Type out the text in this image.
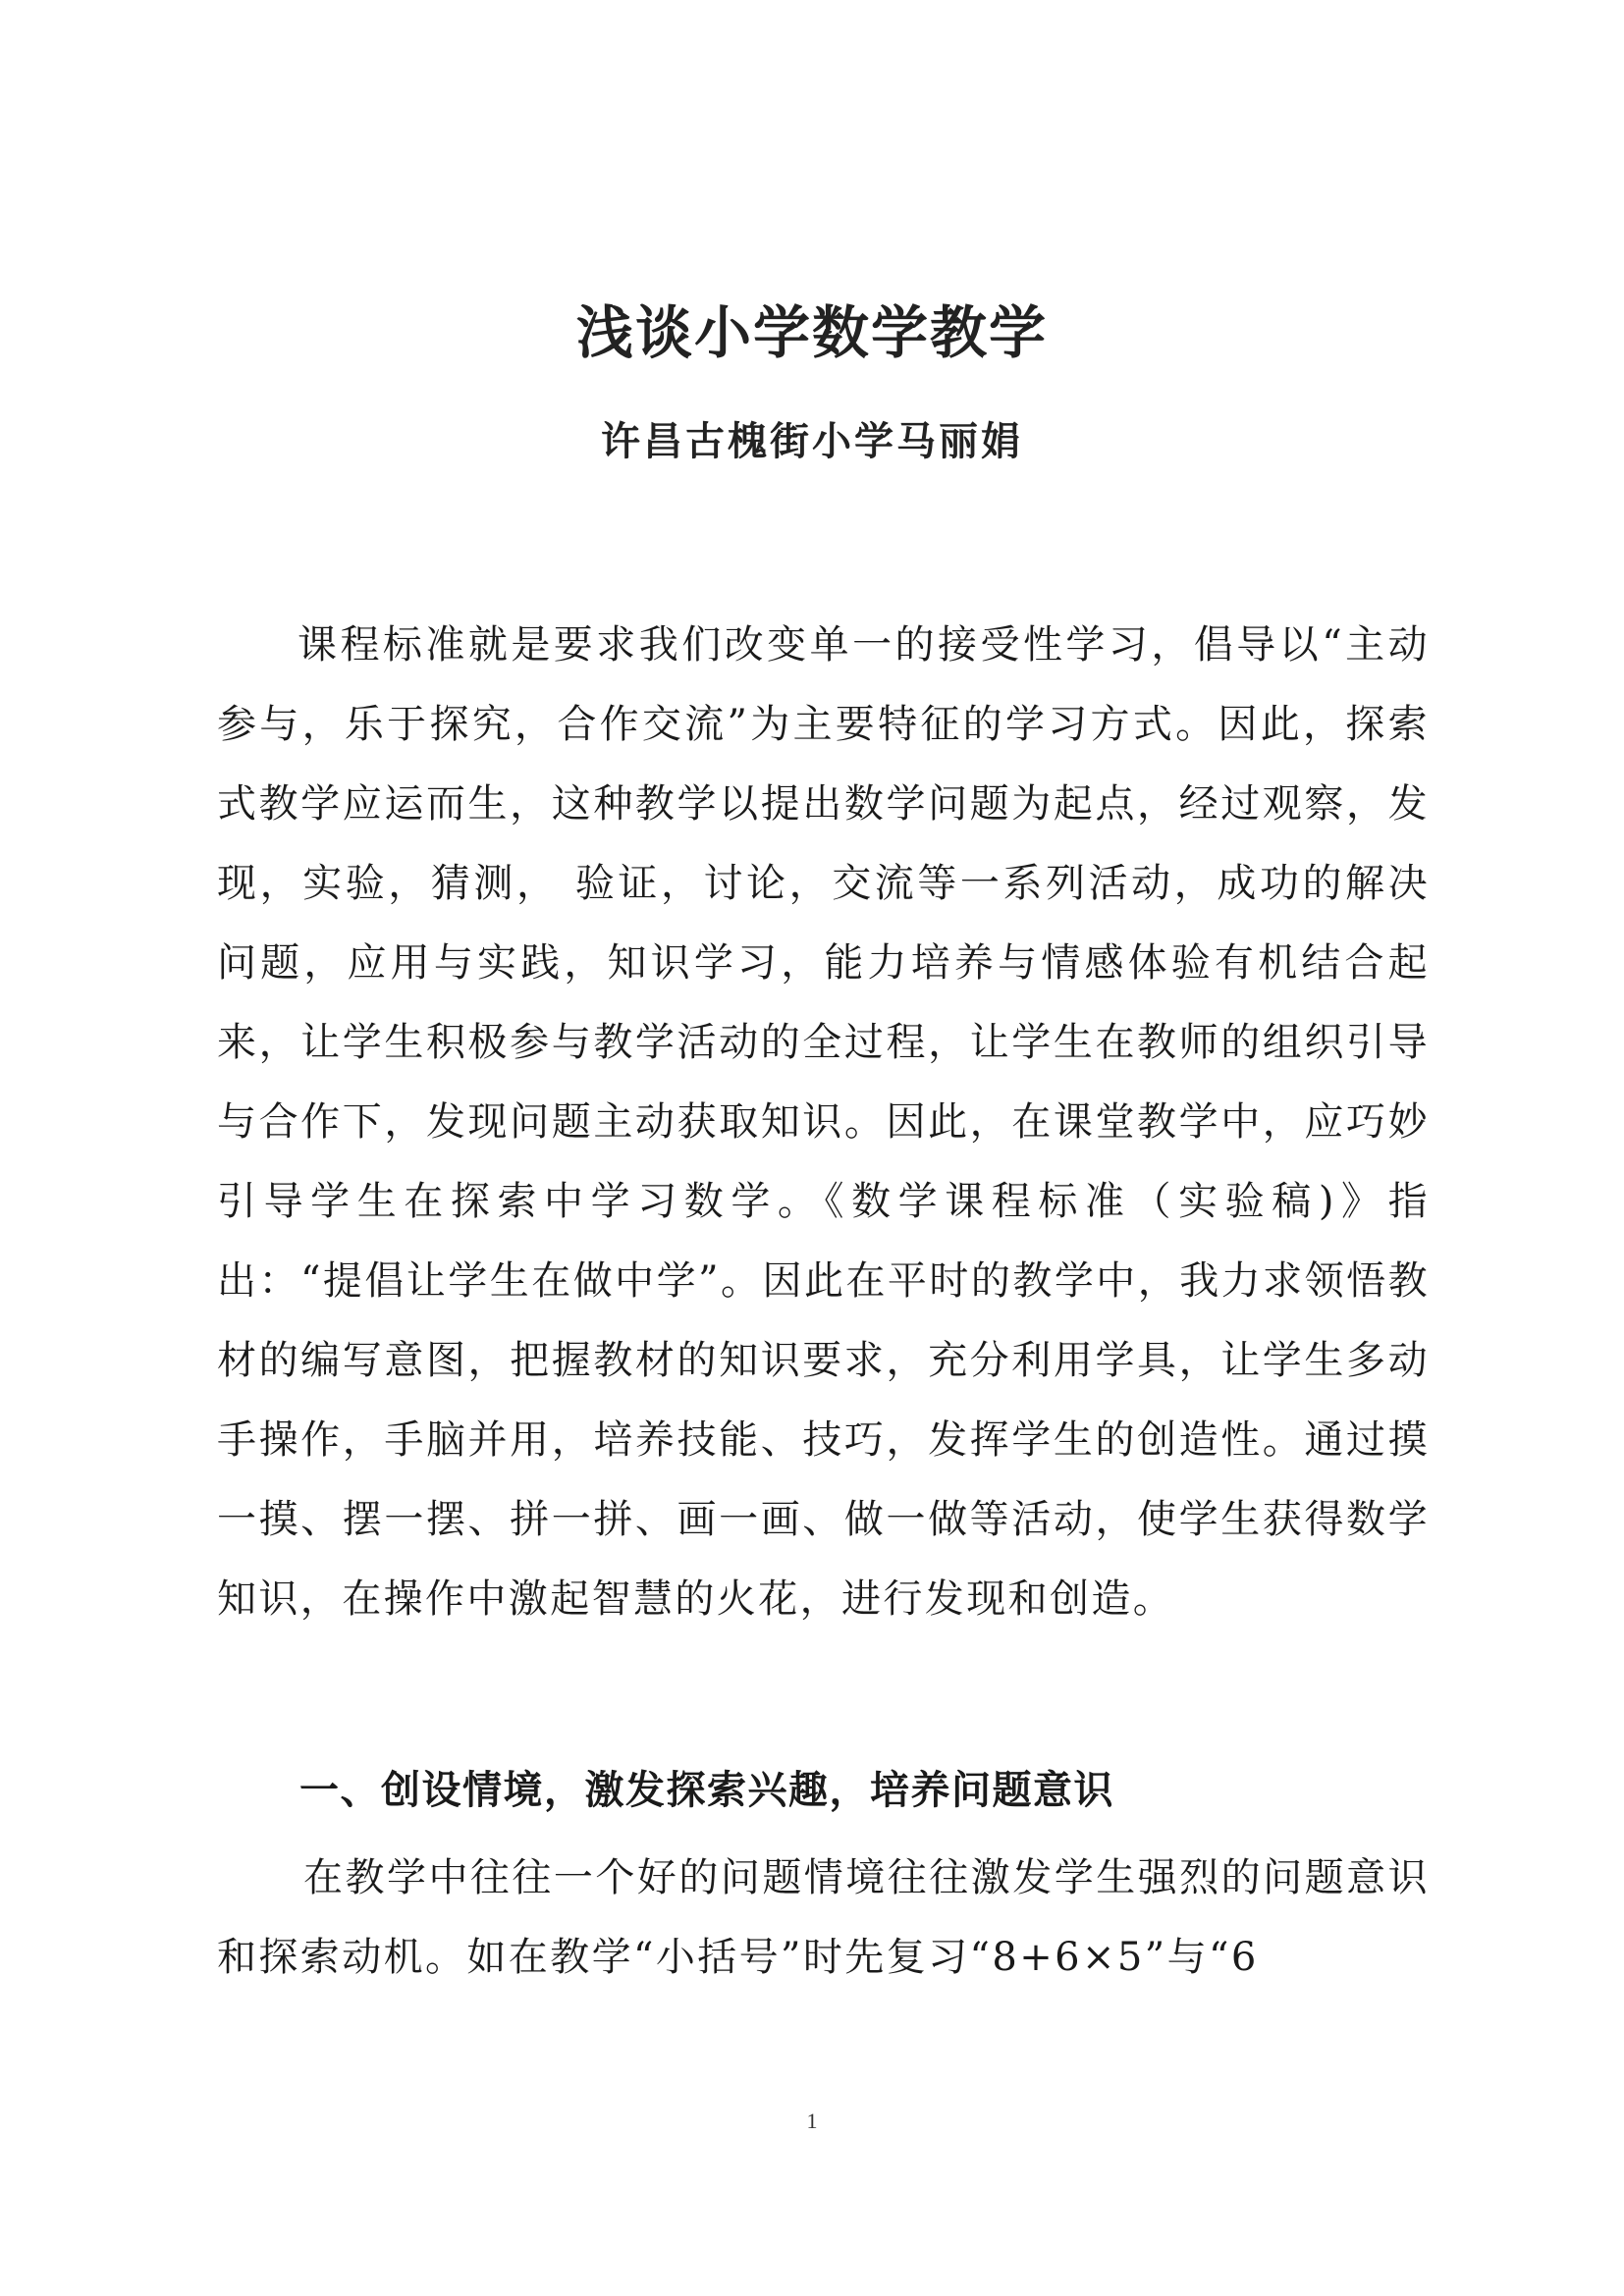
浅谈小学数学教学
许昌古槐街小学马丽娟

课程标准就是要求我们改变单一的接受性学习，倡导以“主动参与，乐于探究，合作交流”为主要特征的学习方式。因此，探索式教学应运而生，这种教学以提出数学问题为起点，经过观察，发现，实验，猜测， 验证，讨论，交流等一系列活动，成功的解决问题，应用与实践，知识学习，能力培养与情感体验有机结合起来，让学生积极参与教学活动的全过程，让学生在教师的组织引导与合作下，发现问题主动获取知识。因此，在课堂教学中，应巧妙引导学生在探索中学习数学。《数学课程标准（实验稿)》指出：“提倡让学生在做中学”。因此在平时的教学中，我力求领悟教材的编写意图，把握教材的知识要求，充分利用学具，让学生多动手操作，手脑并用，培养技能、技巧，发挥学生的创造性。通过摸一摸、摆一摆、拼一拼、画一画、做一做等活动，使学生获得数学知识，在操作中激起智慧的火花，进行发现和创造。

一、创设情境，激发探索兴趣，培养问题意识

在教学中往往一个好的问题情境往往激发学生强烈的问题意识和探索动机。如在教学“小括号”时先复习“8+6×5”与“6

1
